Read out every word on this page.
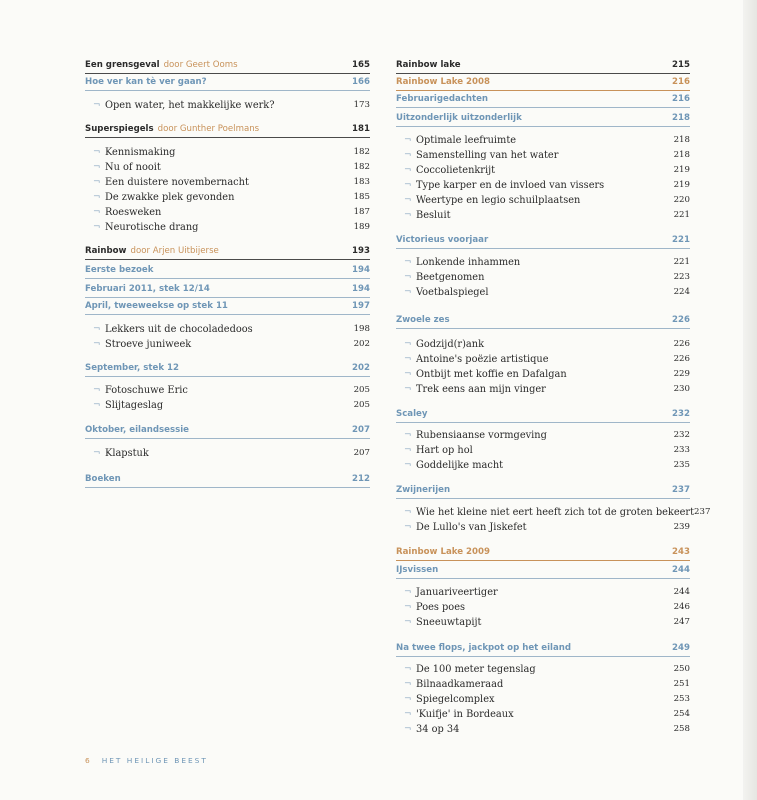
Een grensgeval door Geert Ooms	165
Hoe ver kan tè ver gaan?	166
¬ Open water, het makkelijke werk?	173
Superspiegels door Gunther Poelmans	181
¬ Kennismaking	182
¬ Nu of nooit	182
¬ Een duistere novembernacht	183
¬ De zwakke plek gevonden	185
¬ Roesweken	187
¬ Neurotische drang	189
Rainbow door Arjen Uitbijerse	193
Eerste bezoek	194
Februari 2011, stek 12/14	194
April, tweeweekse op stek 11	197
¬ Lekkers uit de chocoladedoos	198
¬ Stroeve juniweek	202
September, stek 12	202
¬ Fotoschuwe Eric	205
¬ Slijtageslag	205
Oktober, eilandsessie	207
¬ Klapstuk	207
Boeken	212
Rainbow lake	215
Rainbow Lake 2008	216
Februarigedachten	216
Uitzonderlijk uitzonderlijk	218
¬ Optimale leefruimte	218
¬ Samenstelling van het water	218
¬ Coccolietenkrijt	219
¬ Type karper en de invloed van vissers	219
¬ Weertype en legio schuilplaatsen	220
¬ Besluit	221
Victorieus voorjaar	221
¬ Lonkende inhammen	221
¬ Beetgenomen	223
¬ Voetbalspiegel	224
Zwoele zes	226
¬ Godzijd(r)ank	226
¬ Antoine's poëzie artistique	226
¬ Ontbijt met koffie en Dafalgan	229
¬ Trek eens aan mijn vinger	230
Scaley	232
¬ Rubensiaanse vormgeving	232
¬ Hart op hol	233
¬ Goddelijke macht	235
Zwijnerijen	237
¬ Wie het kleine niet eert heeft zich tot de groten bekeert 237
¬ De Lullo's van Jiskefet	239
Rainbow Lake 2009	243
IJsvissen	244
¬ Januariveertiger	244
¬ Poes poes	246
¬ Sneeuwtapijt	247
Na twee flops, jackpot op het eiland	249
¬ De 100 meter tegenslag	250
¬ Bilnaadkameraad	251
¬ Spiegelcomplex	253
¬ 'Kuifje' in Bordeaux	254
¬ 34 op 34	258
6 HET HEILIGE BEEST
